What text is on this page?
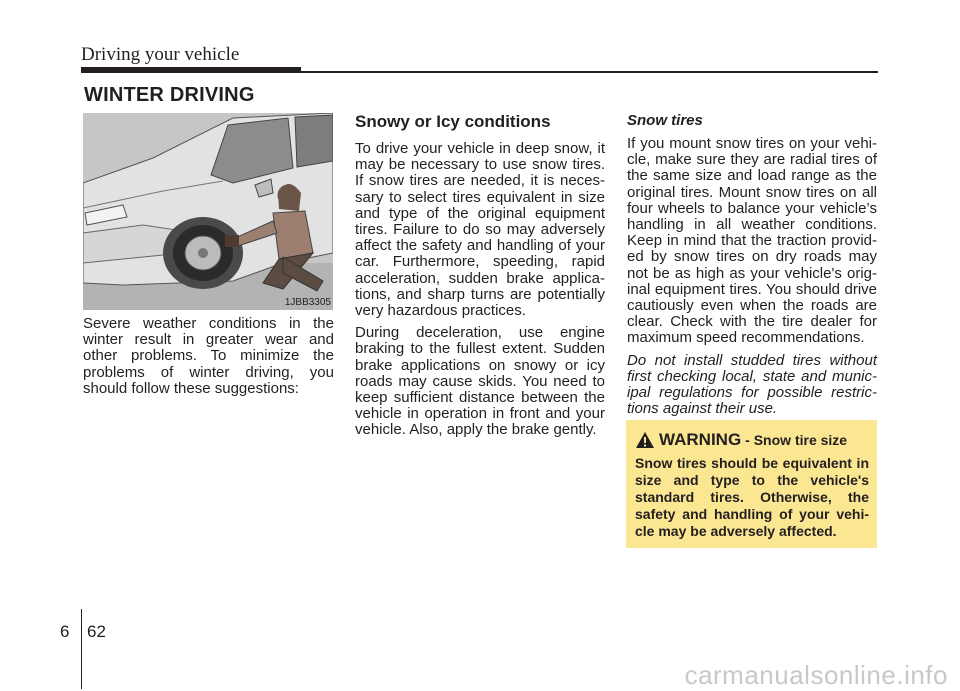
Driving your vehicle
WINTER DRIVING
1JBB3305

Severe weather conditions in the winter result in greater wear and other problems. To minimize the problems of winter driving, you should follow these suggestions:

Snowy or Icy conditions

To drive your vehicle in deep snow, it may be necessary to use snow tires. If snow tires are needed, it is neces-sary to select tires equivalent in size and type of the original equipment tires. Failure to do so may adversely affect the safety and handling of your car. Furthermore, speeding, rapid acceleration, sudden brake applica-tions, and sharp turns are potentially very hazardous practices.

During deceleration, use engine braking to the fullest extent. Sudden brake applications on snowy or icy roads may cause skids. You need to keep sufficient distance between the vehicle in operation in front and your vehicle. Also, apply the brake gently.

Snow tires

If you mount snow tires on your vehi-cle, make sure they are radial tires of the same size and load range as the original tires. Mount snow tires on all four wheels to balance your vehicle’s handling in all weather conditions. Keep in mind that the traction provid-ed by snow tires on dry roads may not be as high as your vehicle's orig-inal equipment tires. You should drive cautiously even when the roads are clear. Check with the tire dealer for maximum speed recommendations.

Do not install studded tires without first checking local, state and munic-ipal regulations for possible restric-tions against their use.

WARNING - Snow tire size

Snow tires should be equivalent in size and type to the vehicle's standard tires. Otherwise, the safety and handling of your vehi-cle may be adversely affected.

6 62
carmanualsonline.info
